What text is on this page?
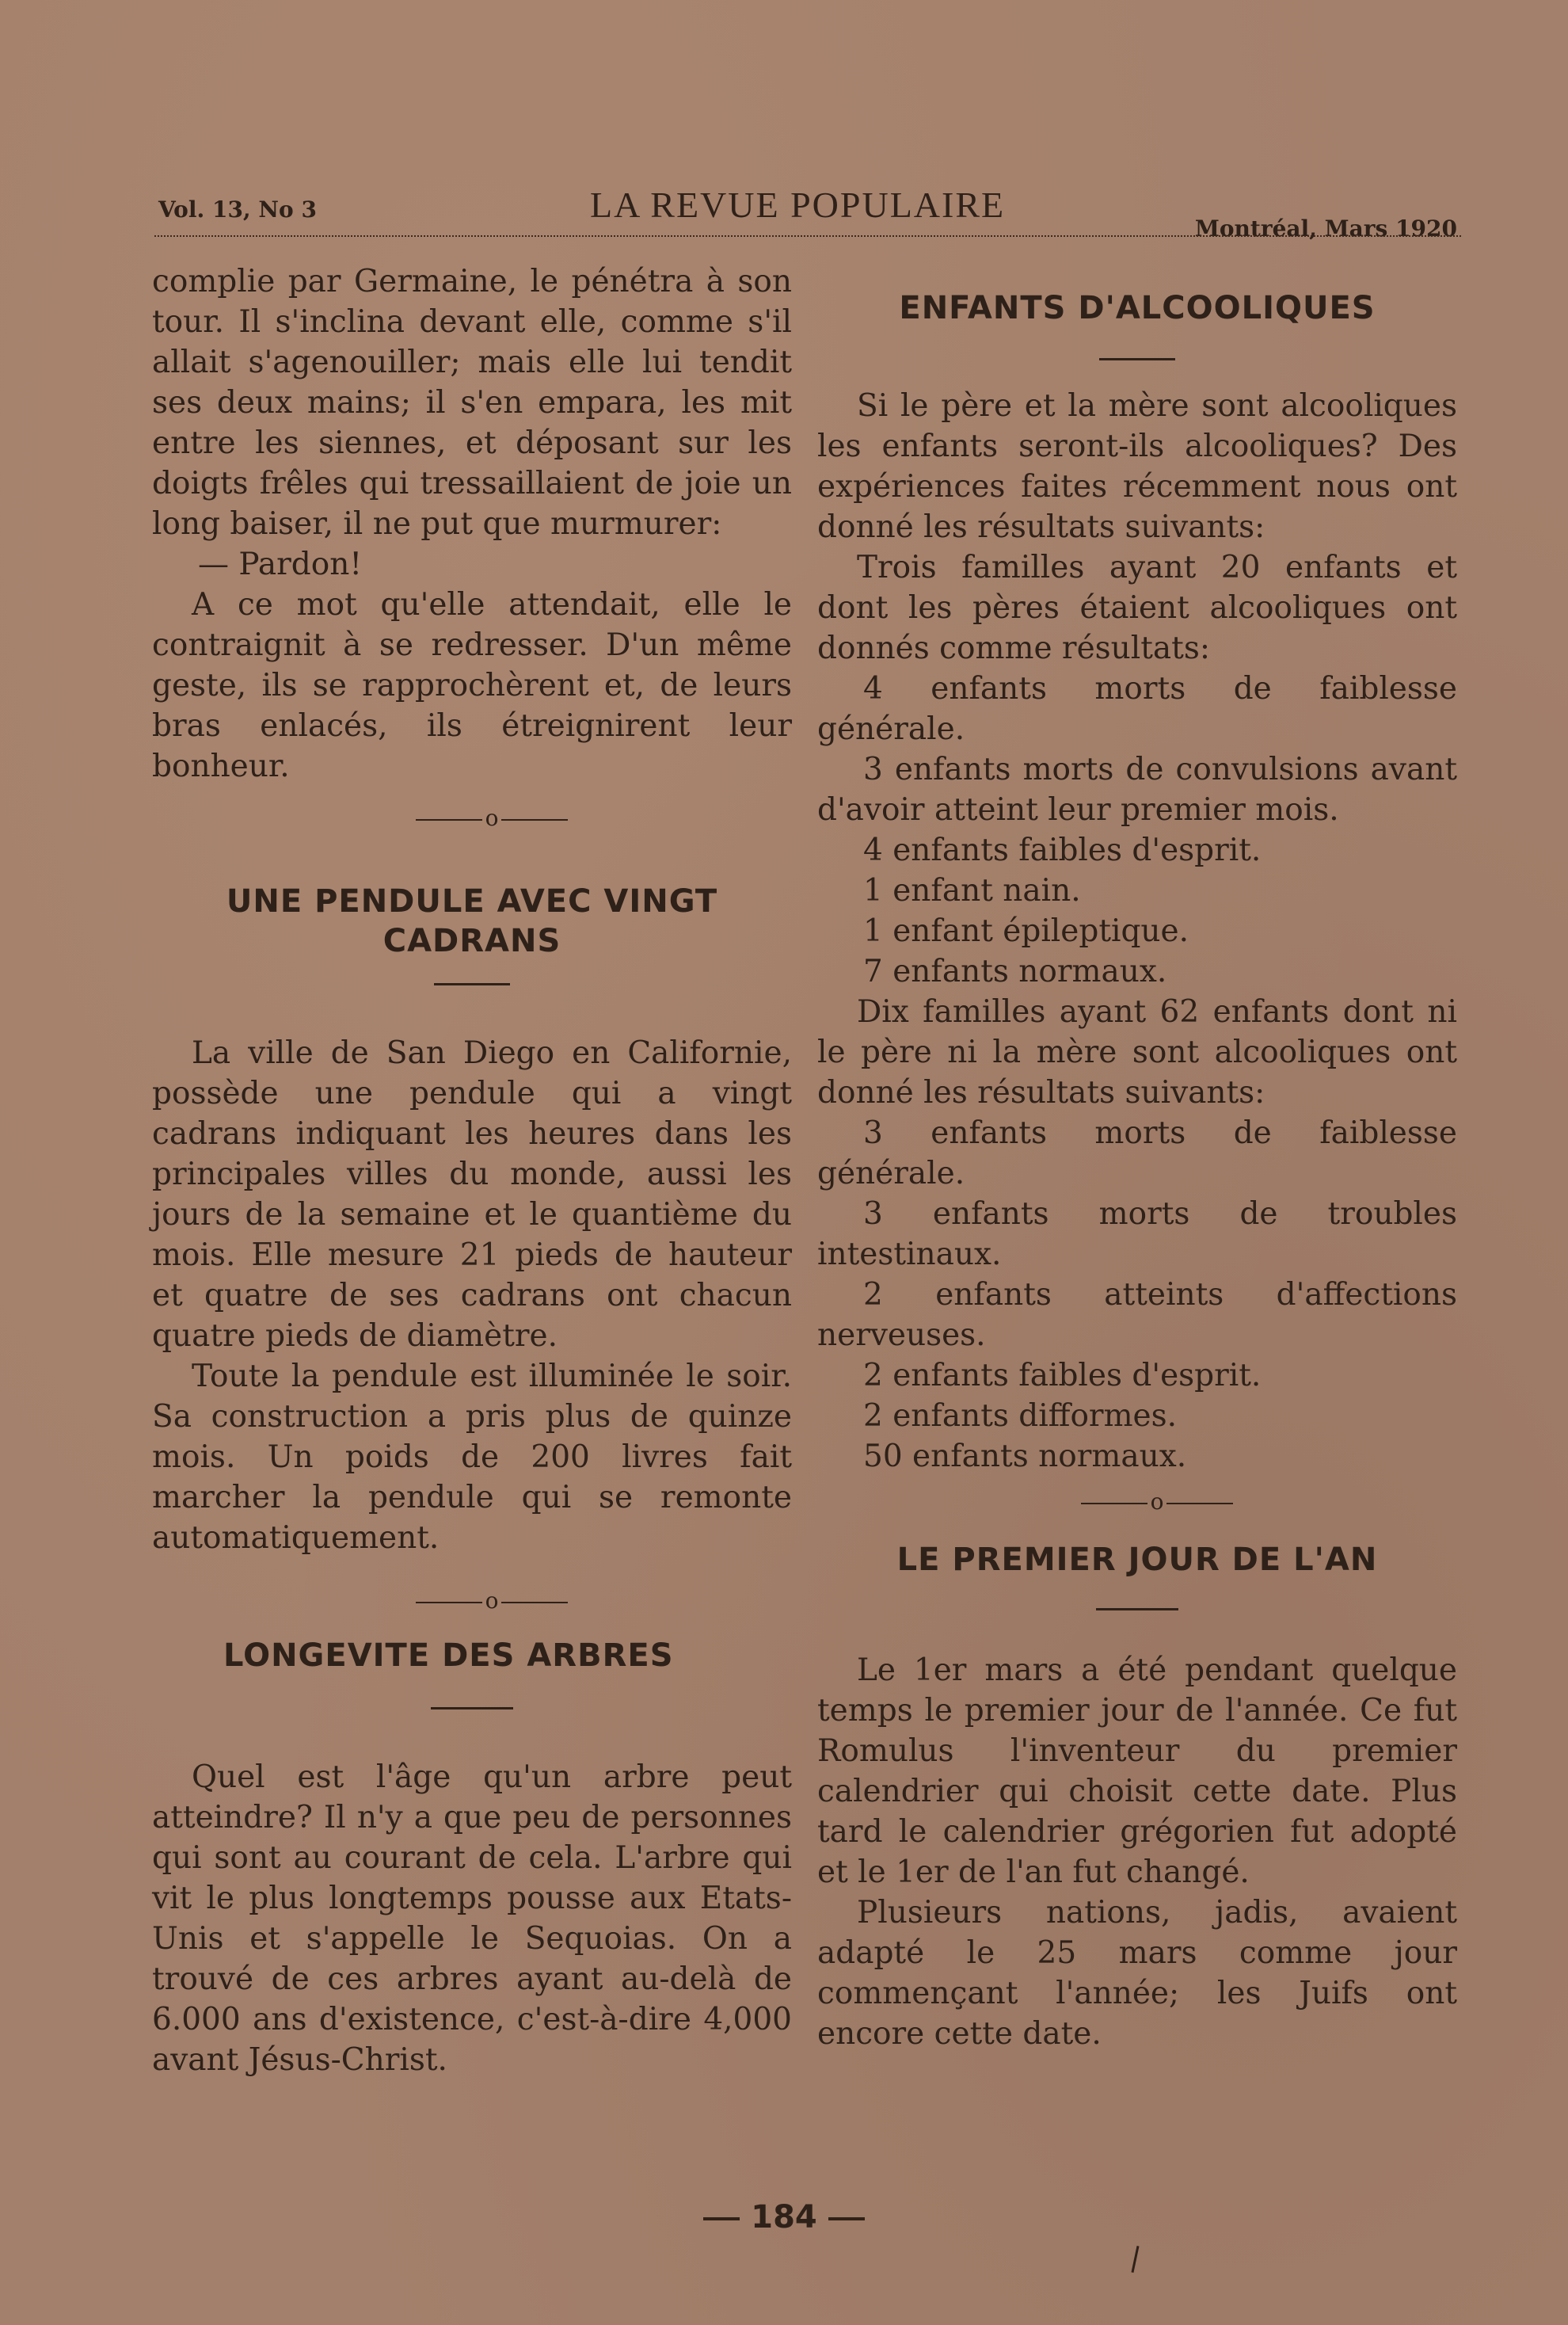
Vol. 13, No 3	LA REVUE POPULAIRE
Montréal, Mars 1920

complie par Germaine, le pénétra à son tour. Il s'inclina devant elle, comme s'il allait s'agenouiller; mais elle lui tendit ses deux mains; il s'en empara, les mit entre les siennes, et déposant sur les doigts frêles qui tressaillaient de joie un long baiser, il ne put que murmurer:

— Pardon!

A ce mot qu'elle attendait, elle le contraignit à se redresser. D'un même geste, ils se rapprochèrent et, de leurs bras enlacés, ils étreignirent leur bonheur.

o

UNE PENDULE AVEC VINGT CADRANS

La ville de San Diego en Californie, possède une pendule qui a vingt cadrans indiquant les heures dans les principales villes du monde, aussi les jours de la semaine et le quantième du mois. Elle mesure 21 pieds de hauteur et quatre de ses cadrans ont chacun quatre pieds de diamètre.

Toute la pendule est illuminée le soir. Sa construction a pris plus de quinze mois. Un poids de 200 livres fait marcher la pendule qui se remonte automatiquement.

o

LONGEVITE DES ARBRES

Quel est l'âge qu'un arbre peut atteindre? Il n'y a que peu de personnes qui sont au courant de cela. L'arbre qui vit le plus longtemps pousse aux Etats-Unis et s'appelle le Sequoias. On a trouvé de ces arbres ayant au-delà de 6.000 ans d'existence, c'est-à-dire 4,000 avant Jésus-Christ.

ENFANTS D'ALCOOLIQUES

Si le père et la mère sont alcooliques les enfants seront-ils alcooliques? Des expériences faites récemment nous ont donné les résultats suivants:

Trois familles ayant 20 enfants et dont les pères étaient alcooliques ont donnés comme résultats:

4 enfants morts de faiblesse générale.

3 enfants morts de convulsions avant d'avoir atteint leur premier mois.

4 enfants faibles d'esprit.

1 enfant nain.

1 enfant épileptique.

7 enfants normaux.

Dix familles ayant 62 enfants dont ni le père ni la mère sont alcooliques ont donné les résultats suivants:

3 enfants morts de faiblesse générale.

3 enfants morts de troubles intestinaux.

2 enfants atteints d'affections nerveuses.

2 enfants faibles d'esprit.

2 enfants difformes.

50 enfants normaux.

o

LE PREMIER JOUR DE L'AN

Le 1er mars a été pendant quelque temps le premier jour de l'année. Ce fut Romulus l'inventeur du premier calendrier qui choisit cette date. Plus tard le calendrier grégorien fut adopté et le 1er de l'an fut changé.

Plusieurs nations, jadis, avaient adapté le 25 mars comme jour commençant l'année; les Juifs ont encore cette date.

184
